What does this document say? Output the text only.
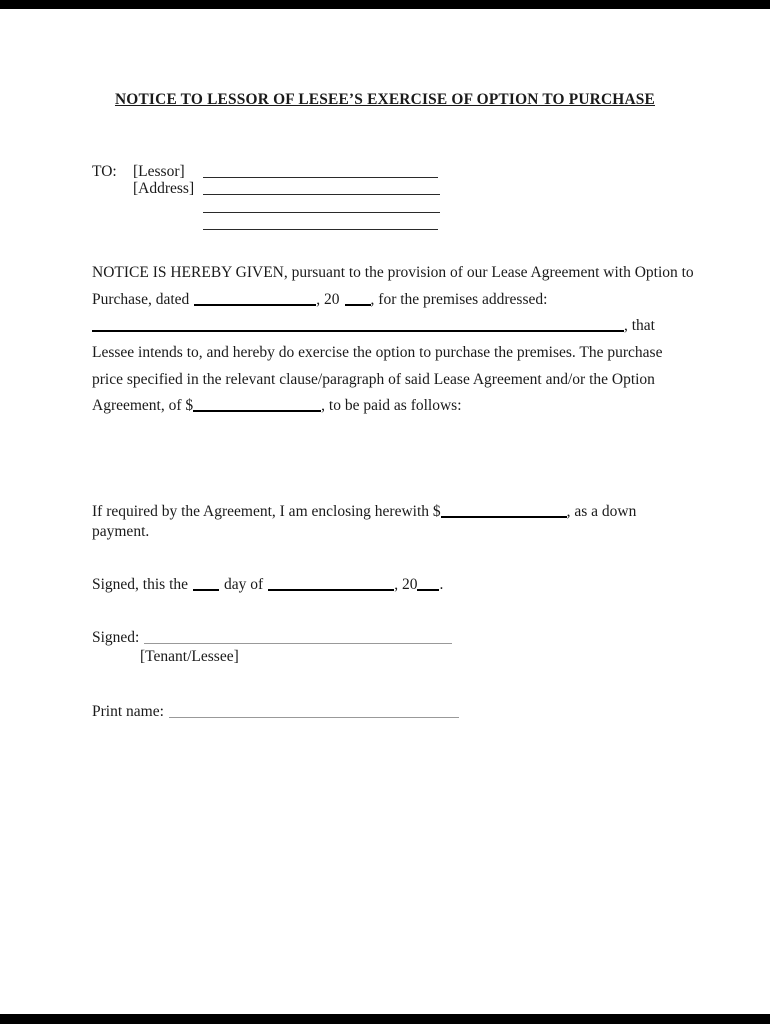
NOTICE TO LESSOR OF LESEE’S EXERCISE OF OPTION TO PURCHASE
TO: [Lessor]
[Address]
NOTICE IS HEREBY GIVEN, pursuant to the provision of our Lease Agreement with Option to
Purchase, dated	, 20 , for the premises addressed:
, that
Lessee intends to, and hereby do exercise the option to purchase the premises. The purchase
price specified in the relevant clause/paragraph of said Lease Agreement and/or the Option
Agreement, of $	, to be paid as follows:
If required by the Agreement, I am enclosing herewith $	, as a down
payment.
Signed, this the day of	, 20 .
Signed:
[Tenant/Lessee]
Print name:
